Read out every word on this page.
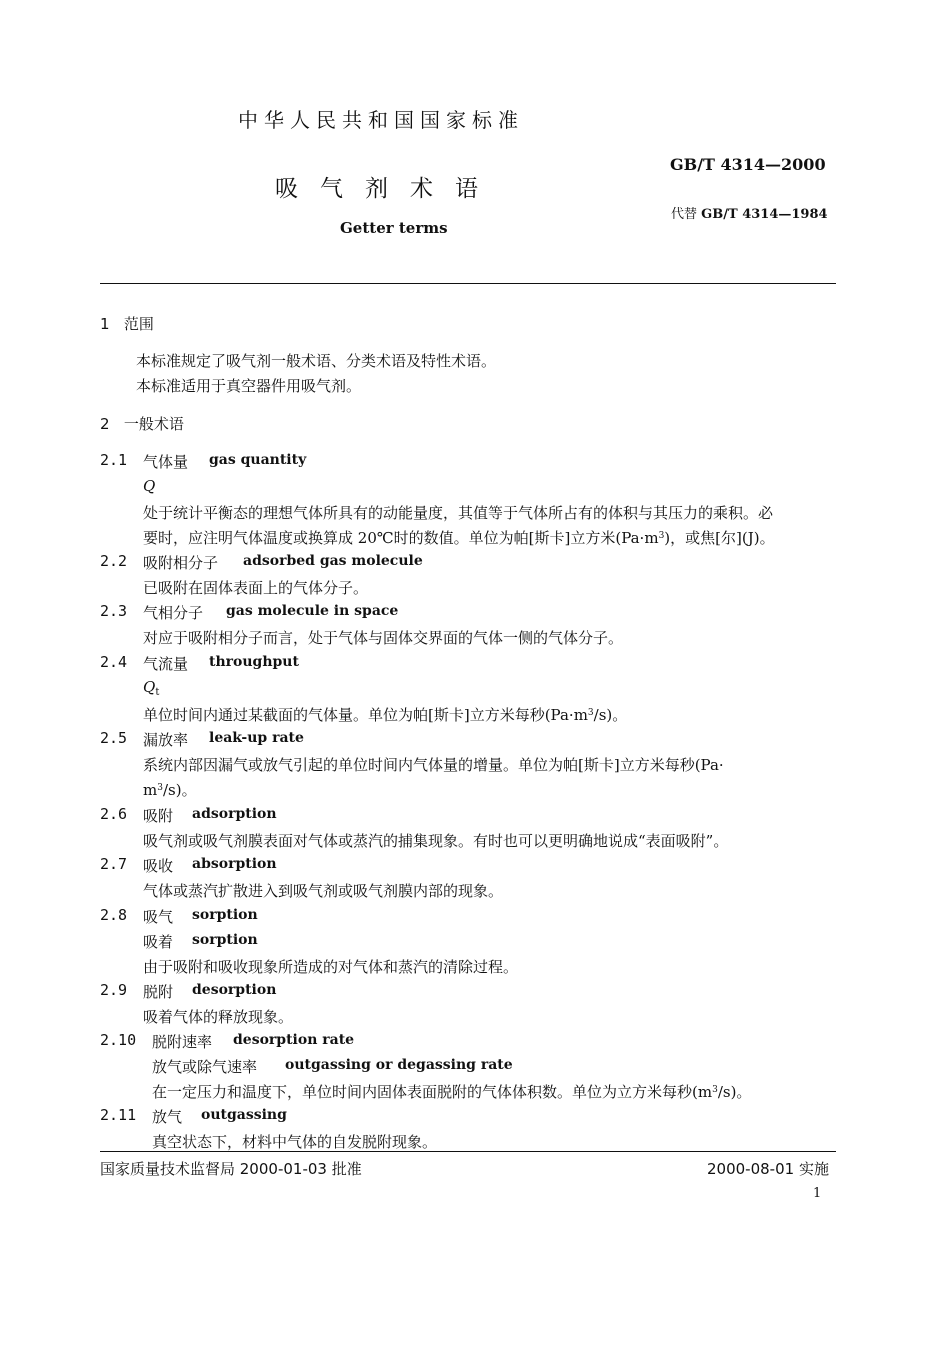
中华人民共和国国家标准
吸气剂术语
Getter terms
GB/T 4314—2000
代替 GB/T 4314—1984
1 范围
本标准规定了吸气剂一般术语、分类术语及特性术语。
本标准适用于真空器件用吸气剂。
2 一般术语
2.1 气体量 gas quantity
Q
处于统计平衡态的理想气体所具有的动能量度，其值等于气体所占有的体积与其压力的乘积。必
要时，应注明气体温度或换算成 20℃时的数值。单位为帕[斯卡]立方米$(Pa\cdot m^3)$，或焦[尔](J)。
2.2 吸附相分子 adsorbed gas molecule
已吸附在固体表面上的气体分子。
2.3 气相分子 gas molecule in space
对应于吸附相分子而言，处于气体与固体交界面的气体一侧的气体分子。
2.4 气流量 throughput
$Q_t$
单位时间内通过某截面的气体量。单位为帕[斯卡]立方米每秒$(Pa\cdot m^3/s)$。
2.5 漏放率 leak-up rate
系统内部因漏气或放气引起的单位时间内气体量的增量。单位为帕[斯卡]立方米每秒(Pa·
$m^3/s$)。
2.6 吸附 adsorption
吸气剂或吸气剂膜表面对气体或蒸汽的捕集现象。有时也可以更明确地说成“表面吸附”。
2.7 吸收 absorption
气体或蒸汽扩散进入到吸气剂或吸气剂膜内部的现象。
2.8 吸气 sorption
吸着 sorption
由于吸附和吸收现象所造成的对气体和蒸汽的清除过程。
2.9 脱附 desorption
吸着气体的释放现象。
2.10 脱附速率 desorption rate
放气或除气速率 outgassing or degassing rate
在一定压力和温度下，单位时间内固体表面脱附的气体体积数。单位为立方米每秒$(m^3/s)$。
2.11 放气 outgassing
真空状态下，材料中气体的自发脱附现象。
国家质量技术监督局 2000-01-03 批准	2000-08-01 实施
1
